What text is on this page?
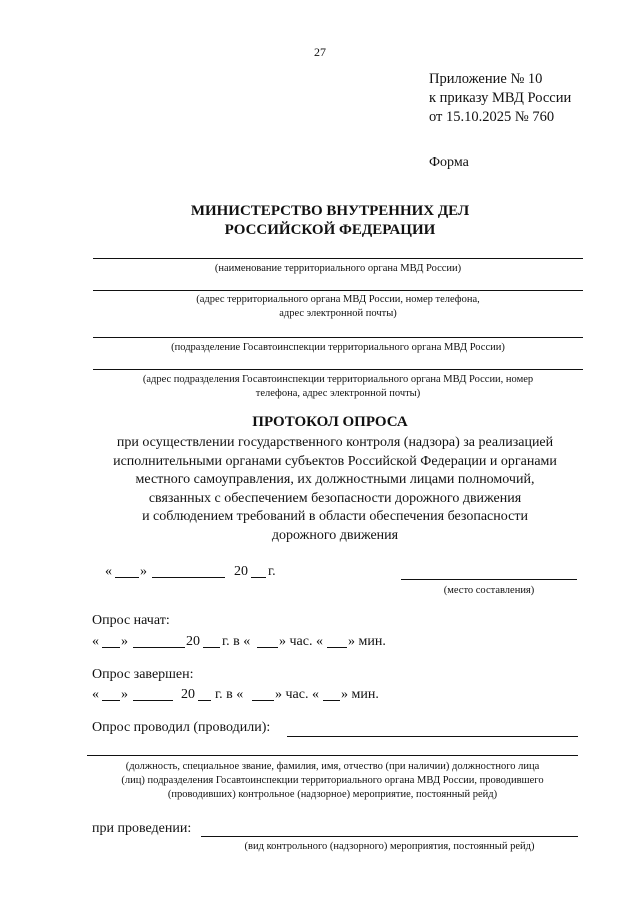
27
Приложение № 10
к приказу МВД России
от 15.10.2025 № 760
Форма
МИНИСТЕРСТВО ВНУТРЕННИХ ДЕЛ
РОССИЙСКОЙ ФЕДЕРАЦИИ
(наименование территориального органа МВД России)
(адрес территориального органа МВД России, номер телефона,
адрес электронной почты)
(подразделение Госавтоинспекции территориального органа МВД России)
(адрес подразделения Госавтоинспекции территориального органа МВД России, номер
телефона, адрес электронной почты)
ПРОТОКОЛ ОПРОСА
при осуществлении государственного контроля (надзора) за реализацией
исполнительными органами субъектов Российской Федерации и органами
местного самоуправления, их должностными лицами полномочий,
связанных с обеспечением безопасности дорожного движения
и соблюдением требований в области обеспечения безопасности
дорожного движения
« »	20 г.
(место составления)
Опрос начат:
« »	20 г. в « » час. « » мин.
Опрос завершен:
« »	20 г. в « » час. « » мин.
Опрос проводил (проводили):
(должность, специальное звание, фамилия, имя, отчество (при наличии) должностного лица
(лиц) подразделения Госавтоинспекции территориального органа МВД России, проводившего
(проводивших) контрольное (надзорное) мероприятие, постоянный рейд)
при проведении:
(вид контрольного (надзорного) мероприятия, постоянный рейд)
